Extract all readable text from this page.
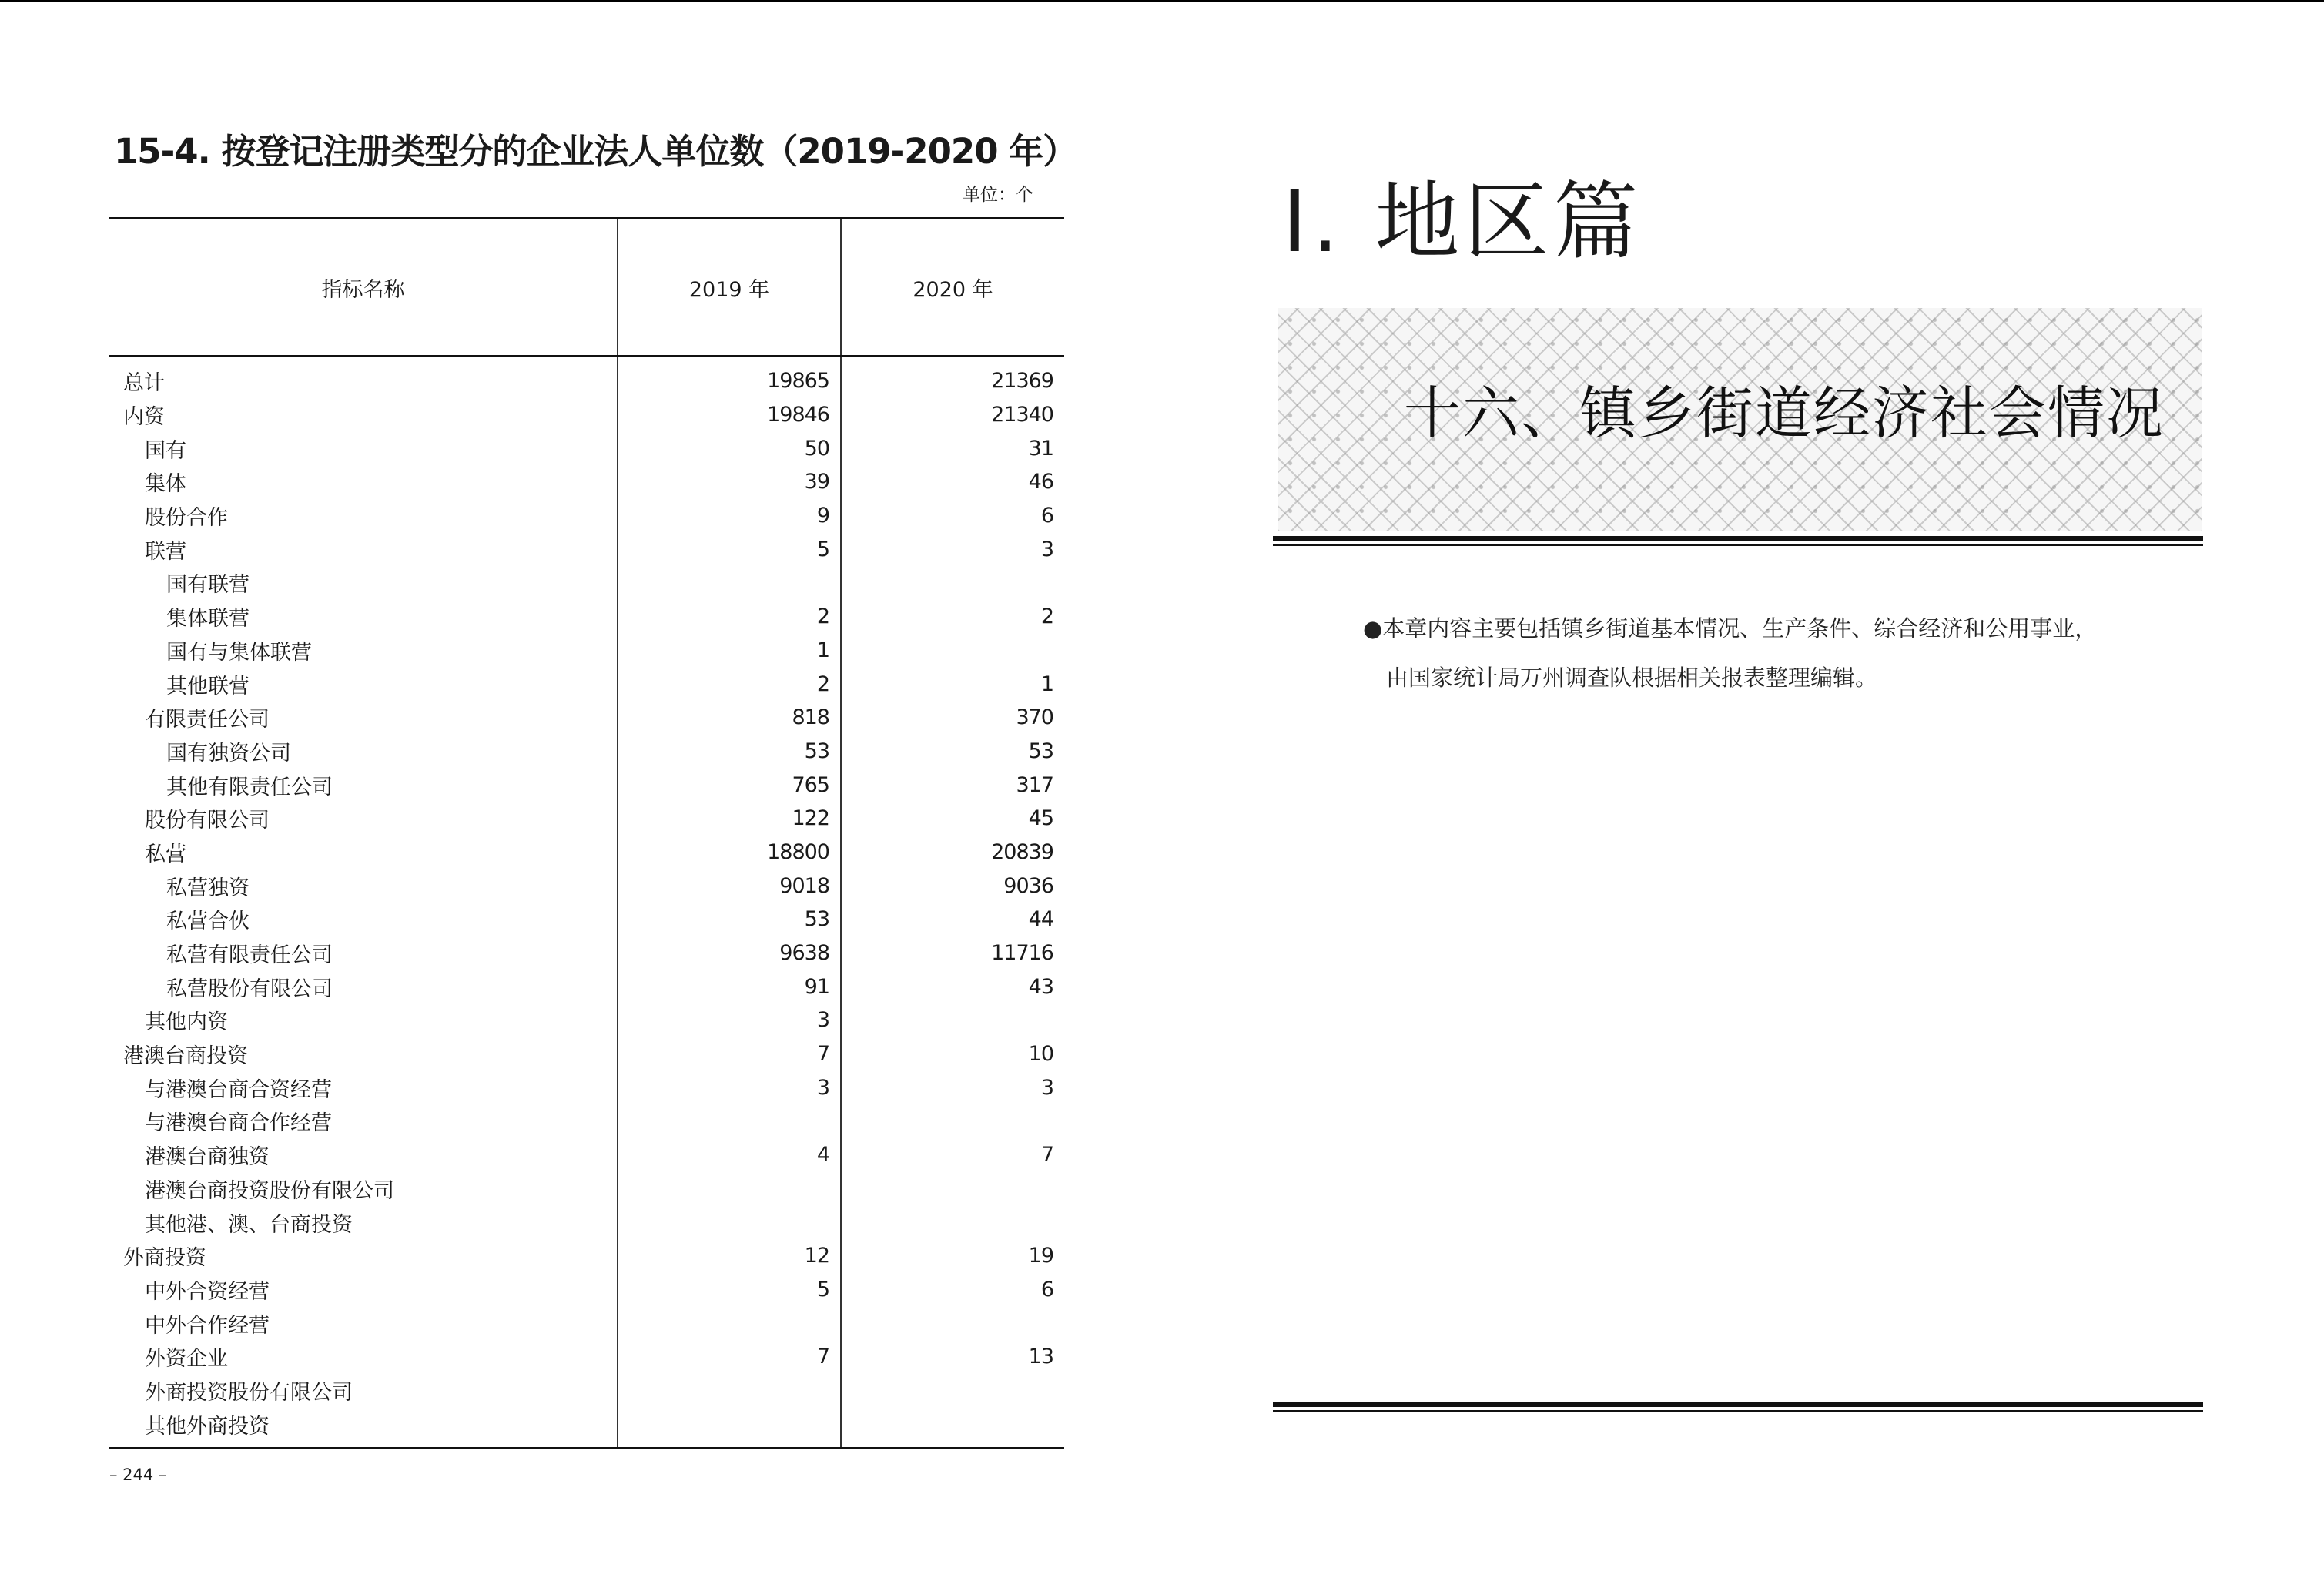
15-4. 按登记注册类型分的企业法人单位数（2019-2020 年）
单位：个
指标名称	2019 年	2020 年
总计	19865	21369
内资	19846	21340
国有	50	31
集体	39	46
股份合作	9	6
联营	5	3
国有联营		
集体联营	2	2
国有与集体联营	1	
其他联营	2	1
有限责任公司	818	370
国有独资公司	53	53
其他有限责任公司	765	317
股份有限公司	122	45
私营	18800	20839
私营独资	9018	9036
私营合伙	53	44
私营有限责任公司	9638	11716
私营股份有限公司	91	43
其他内资	3	
港澳台商投资	7	10
与港澳台商合资经营	3	3
与港澳台商合作经营		
港澳台商独资	4	7
港澳台商投资股份有限公司		
其他港、澳、台商投资		
外商投资	12	19
中外合资经营	5	6
中外合作经营		
外资企业	7	13
外商投资股份有限公司		
其他外商投资		
– 244 –
Ⅰ. 地区篇
十六、镇乡街道经济社会情况

●本章内容主要包括镇乡街道基本情况、生产条件、综合经济和公用事业，
由国家统计局万州调查队根据相关报表整理编辑。
